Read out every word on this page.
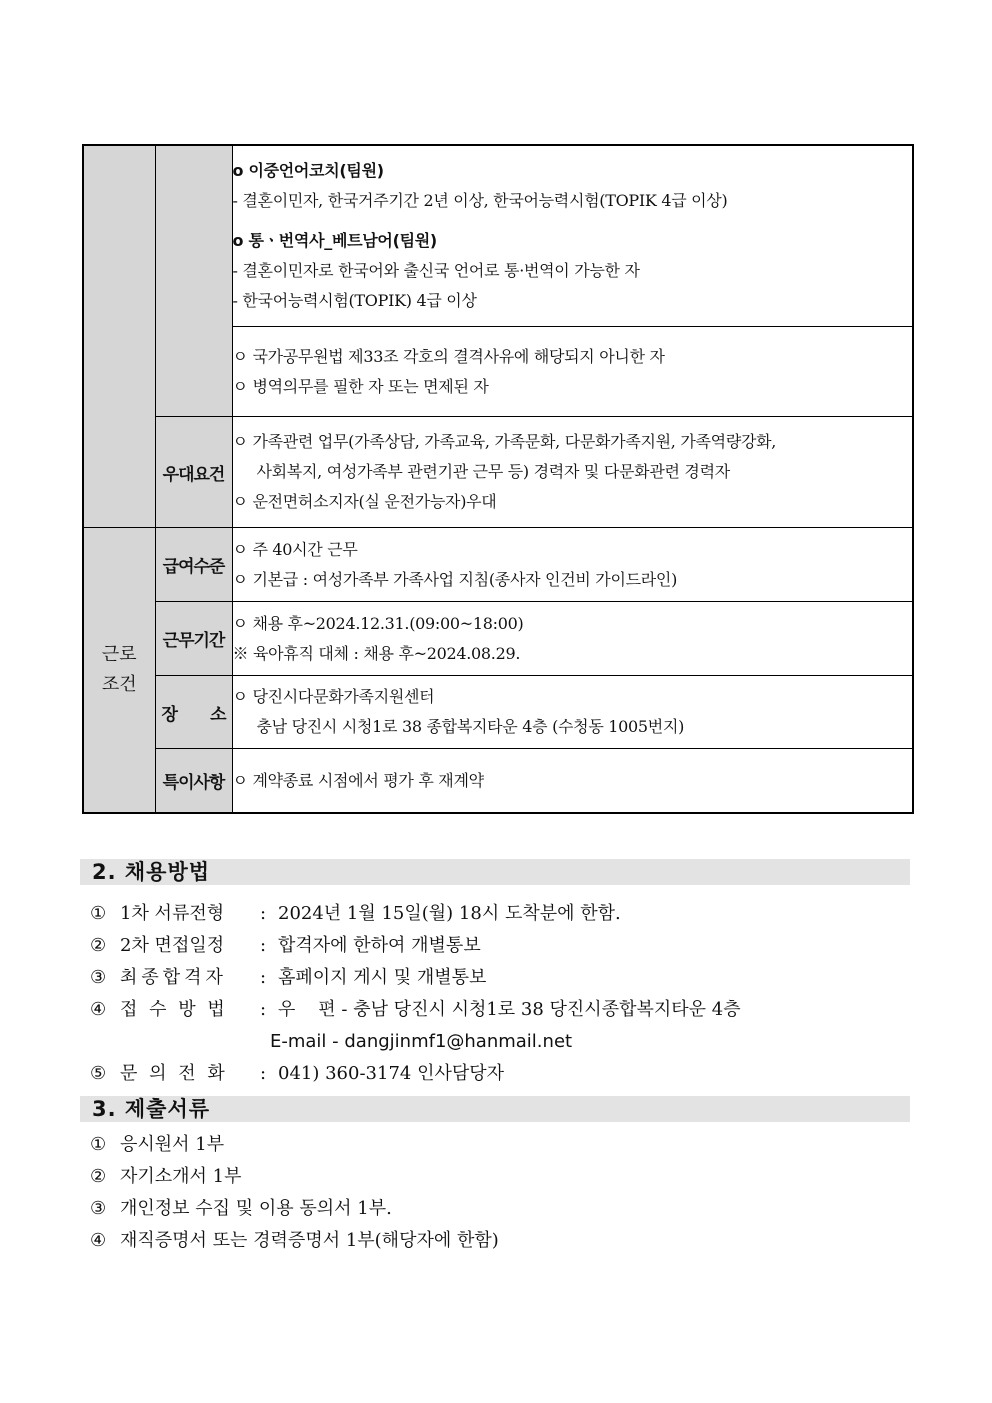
		o 이중언어코치(팀원)
- 결혼이민자, 한국거주기간 2년 이상, 한국어능력시험(TOPIK 4급 이상)
o 통ㆍ번역사_베트남어(팀원)
- 결혼이민자로 한국어와 출신국 언어로 통·번역이 가능한 자
- 한국어능력시험(TOPIK) 4급 이상

		ㅇ 국가공무원법 제33조 각호의 결격사유에 해당되지 아니한 자
ㅇ 병역의무를 필한 자 또는 면제된 자

	우대요건	ㅇ 가족관련 업무(가족상담, 가족교육, 가족문화, 다문화가족지원, 가족역량강화,
사회복지, 여성가족부 관련기관 근무 등) 경력자 및 다문화관련 경력자
ㅇ 운전면허소지자(실 운전가능자)우대

근로 조건	급여수준	ㅇ 주 40시간 근무
ㅇ 기본급 : 여성가족부 가족사업 지침(종사자 인건비 가이드라인)

	근무기간	ㅇ 채용 후~2024.12.31.(09:00~18:00)
※ 육아휴직 대체 : 채용 후~2024.08.29.

	장 소	ㅇ 당진시다문화가족지원센터
충남 당진시 시청1로 38 종합복지타운 4층 (수청동 1005번지)

	특이사항	ㅇ 계약종료 시점에서 평가 후 재계약
2. 채용방법
① 1차 서류전형 : 2024년 1월 15일(월) 18시 도착분에 한함.
② 2차 면접일정 : 합격자에 한하여 개별통보
③ 최종합격자 : 홈페이지 게시 및 개별통보
④ 접 수 방 법 : 우    편 - 충남 당진시 시청1로 38 당진시종합복지타운 4층
E-mail - dangjinmf1@hanmail.net
⑤ 문 의 전 화 : 041) 360-3174 인사담당자
3. 제출서류
① 응시원서 1부
② 자기소개서 1부
③ 개인정보 수집 및 이용 동의서 1부.
④ 재직증명서 또는 경력증명서 1부(해당자에 한함)
